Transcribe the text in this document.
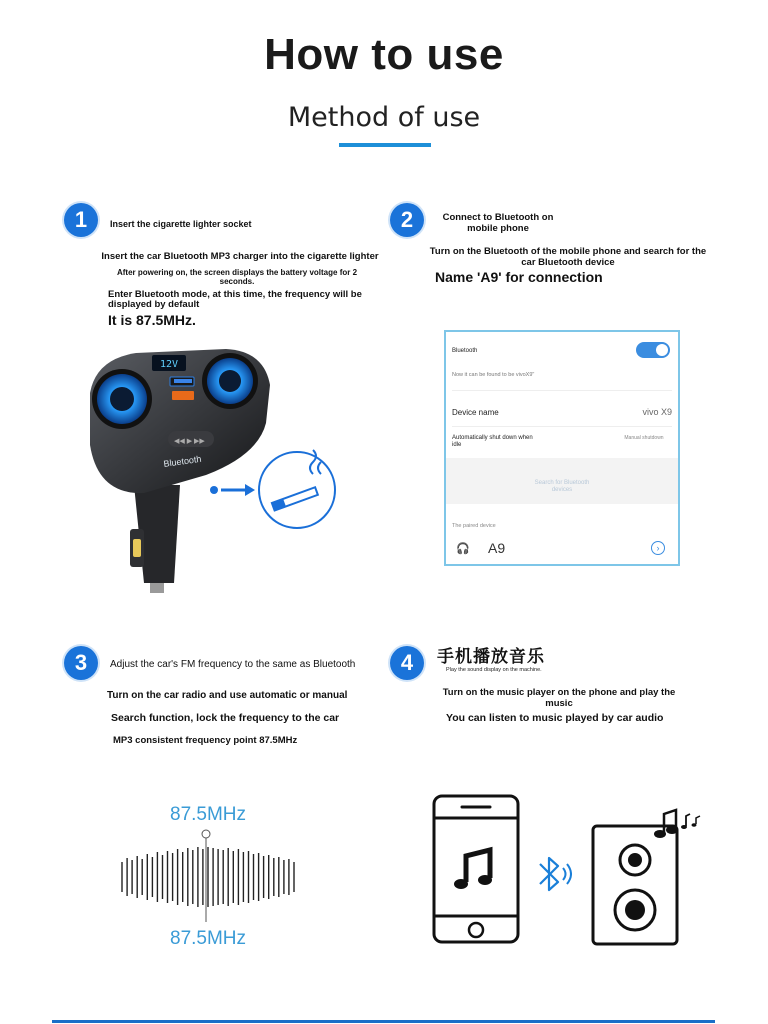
How to use
Method of use
1	Insert the cigarette lighter socket
Insert the car Bluetooth MP3 charger into the cigarette lighter
After powering on, the screen displays the battery voltage for 2 seconds.
Enter Bluetooth mode, at this time, the frequency will be displayed by default
It is 87.5MHz.
2	Connect to Bluetooth on mobile phone
Turn on the Bluetooth of the mobile phone and search for the car Bluetooth device
Name 'A9' for connection
12V
◀◀ ▶ ▶▶
Bluetooth
Bluetooth
Now it can be found to be vivoX9"
Device name	vivo X9
Automatically shut down when idle
Manual shutdown
Search for Bluetooth devices
The paired device
🎧 A9	›
3	Adjust the car's FM frequency to the same as Bluetooth
Turn on the car radio and use automatic or manual
Search function, lock the frequency to the car
MP3 consistent frequency point 87.5MHz
4	手机播放音乐
Play the sound display on the machine.
Turn on the music player on the phone and play the music
You can listen to music played by car audio
87.5MHz
87.5MHz
